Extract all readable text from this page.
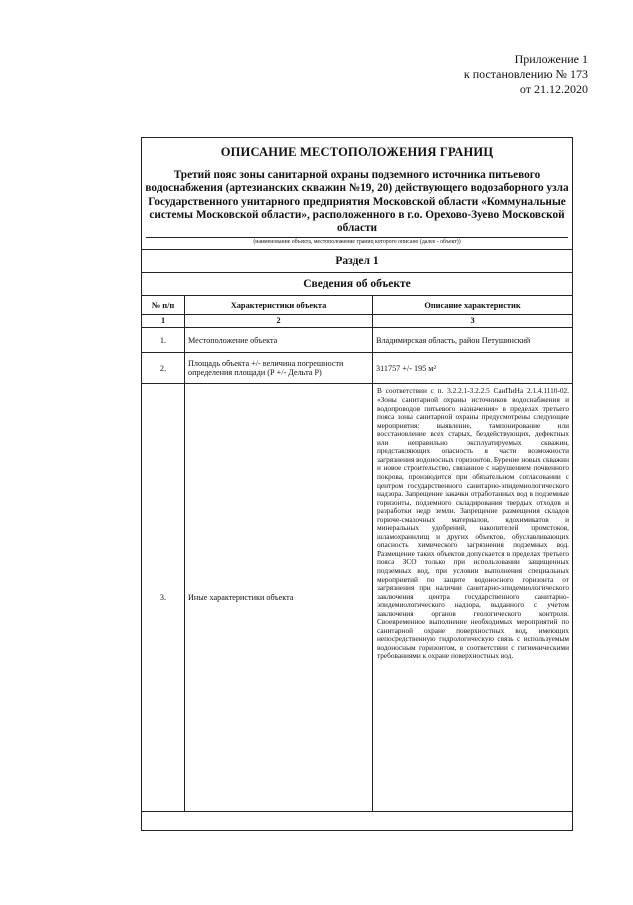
Приложение 1
к постановлению № 173
от 21.12.2020
ОПИСАНИЕ МЕСТОПОЛОЖЕНИЯ ГРАНИЦ
Третий пояс зоны санитарной охраны подземного источника питьевого водоснабжения (артезианских скважин №19, 20) действующего водозаборного узла Государственного унитарного предприятия Московской области «Коммунальные системы Московской области», расположенного в г.о. Орехово-Зуево Московской области
(наименование объекта, местоположение границ которого описано (далее - объект))
Раздел 1
Сведения об объекте
№ п/п	Характеристики объекта	Описание характеристик
1	2	3
1.	Местоположение объекта	Владимирская область, район Петушинский
2.	Площадь объекта +/- величина погрешности определения площади (Р +/- Дельта Р)	311757 +/- 195 м²
3.	Иные характеристики объекта	В соответствии с п. 3.2.2.1-3.2.2.5 СанПиНа 2.1.4.1110-02. «Зоны санитарной охраны источников водоснабжения и водопроводов питьевого назначения» в пределах третьего пояса зоны санитарной охраны предусмотрены следующие мероприятия: выявление, тампонирование или восстановление всех старых, бездействующих, дефектных или неправильно эксплуатируемых скважин, представляющих опасность в части возможности загрязнения водоносных горизонтов. Бурение новых скважин и новое строительство, связанное с нарушением почвенного покрова, производится при обязательном согласовании с центром государственного санитарно-эпидемиологического надзора. Запрещение закачки отработанных вод в подземные горизонты, подземного складирования твердых отходов и разработки недр земли. Запрещение размещения складов горюче-смазочных материалов, ядохимикатов и минеральных удобрений, накопителей промстоков, шламохранилищ и других объектов, обуславливающих опасность химического загрязнения подземных вод. Размещение таких объектов допускается в пределах третьего пояса ЗСО только при использовании защищенных подземных вод, при условии выполнения специальных мероприятий по защите водоносного горизонта от загрязнения при наличии санитарно-эпидемиологического заключения центра государственного санитарно-эпидемиологического надзора, выданного с учетом заключения органов геологического контроля. Своевременное выполнение необходимых мероприятий по санитарной охране поверхностных вод, имеющих непосредственную гидрологическую связь с используемым водоносным горизонтом, в соответствии с гигиеническими требованиями к охране поверхностных вод.
